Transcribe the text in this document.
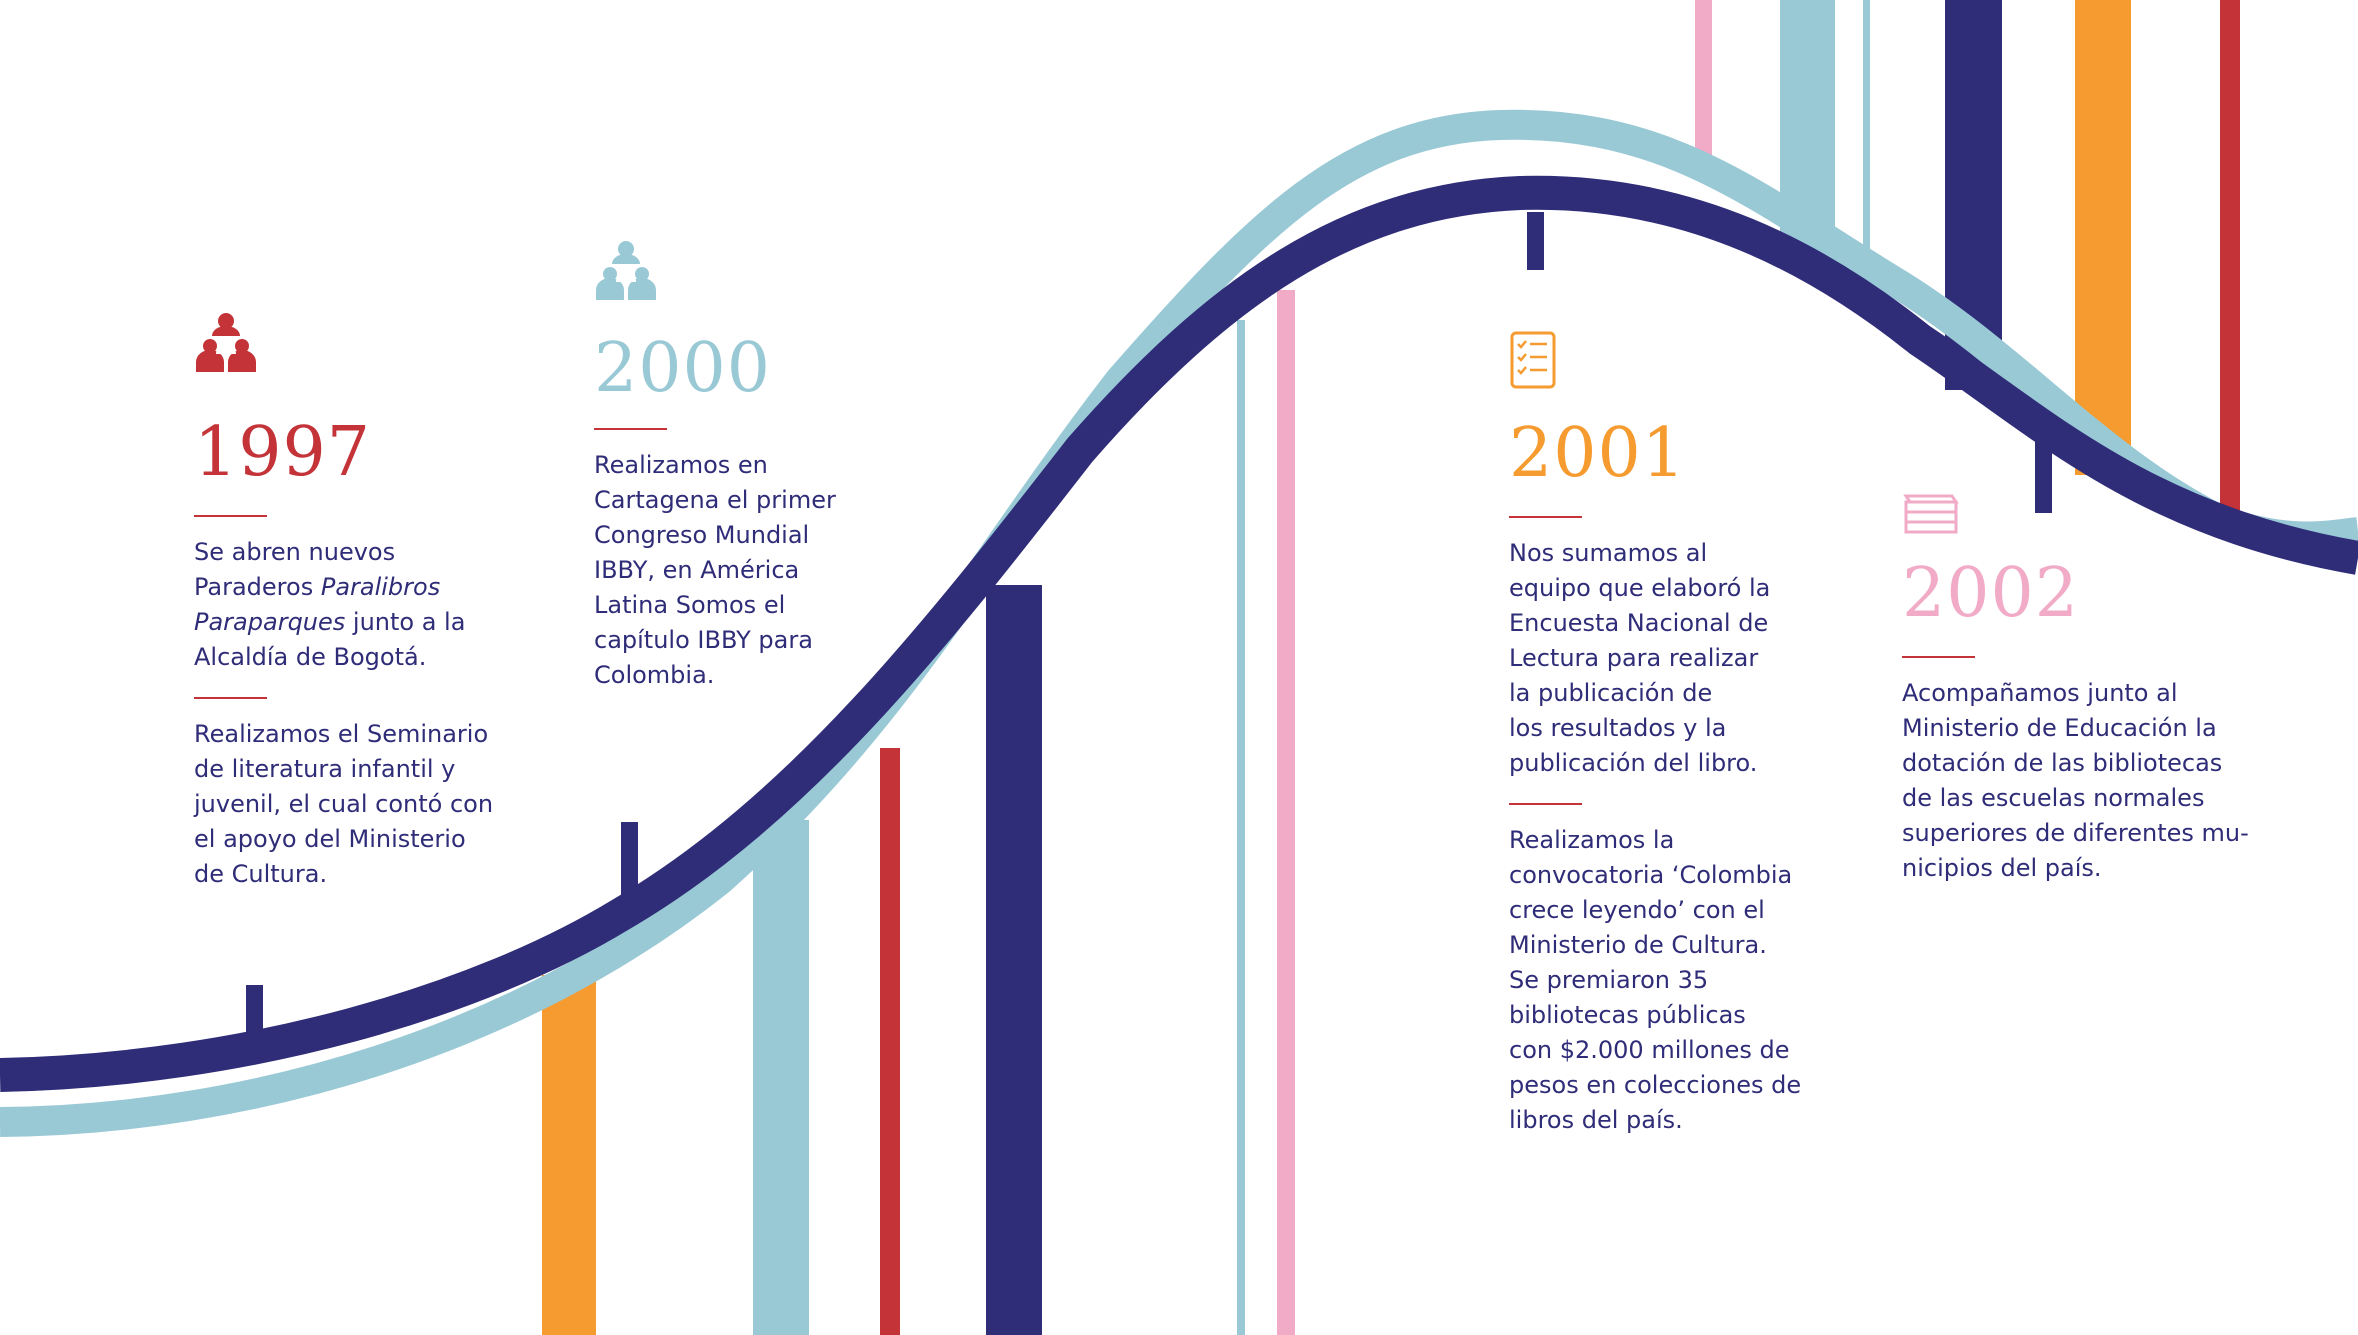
1997

Se abren nuevos
Paraderos Paralibros
Paraparques junto a la
Alcaldía de Bogotá.

Realizamos el Seminario
de literatura infantil y
juvenil, el cual contó con
el apoyo del Ministerio
de Cultura.

2000

Realizamos en
Cartagena el primer
Congreso Mundial
IBBY, en América
Latina Somos el
capítulo IBBY para
Colombia.

2001

Nos sumamos al
equipo que elaboró la
Encuesta Nacional de
Lectura para realizar
la publicación de
los resultados y la
publicación del libro.

Realizamos la
convocatoria ‘Colombia
crece leyendo’ con el
Ministerio de Cultura.
Se premiaron 35
bibliotecas públicas
con $2.000 millones de
pesos en colecciones de
libros del país.

2002

Acompañamos junto al
Ministerio de Educación la
dotación de las bibliotecas
de las escuelas normales
superiores de diferentes mu-
nicipios del país.
